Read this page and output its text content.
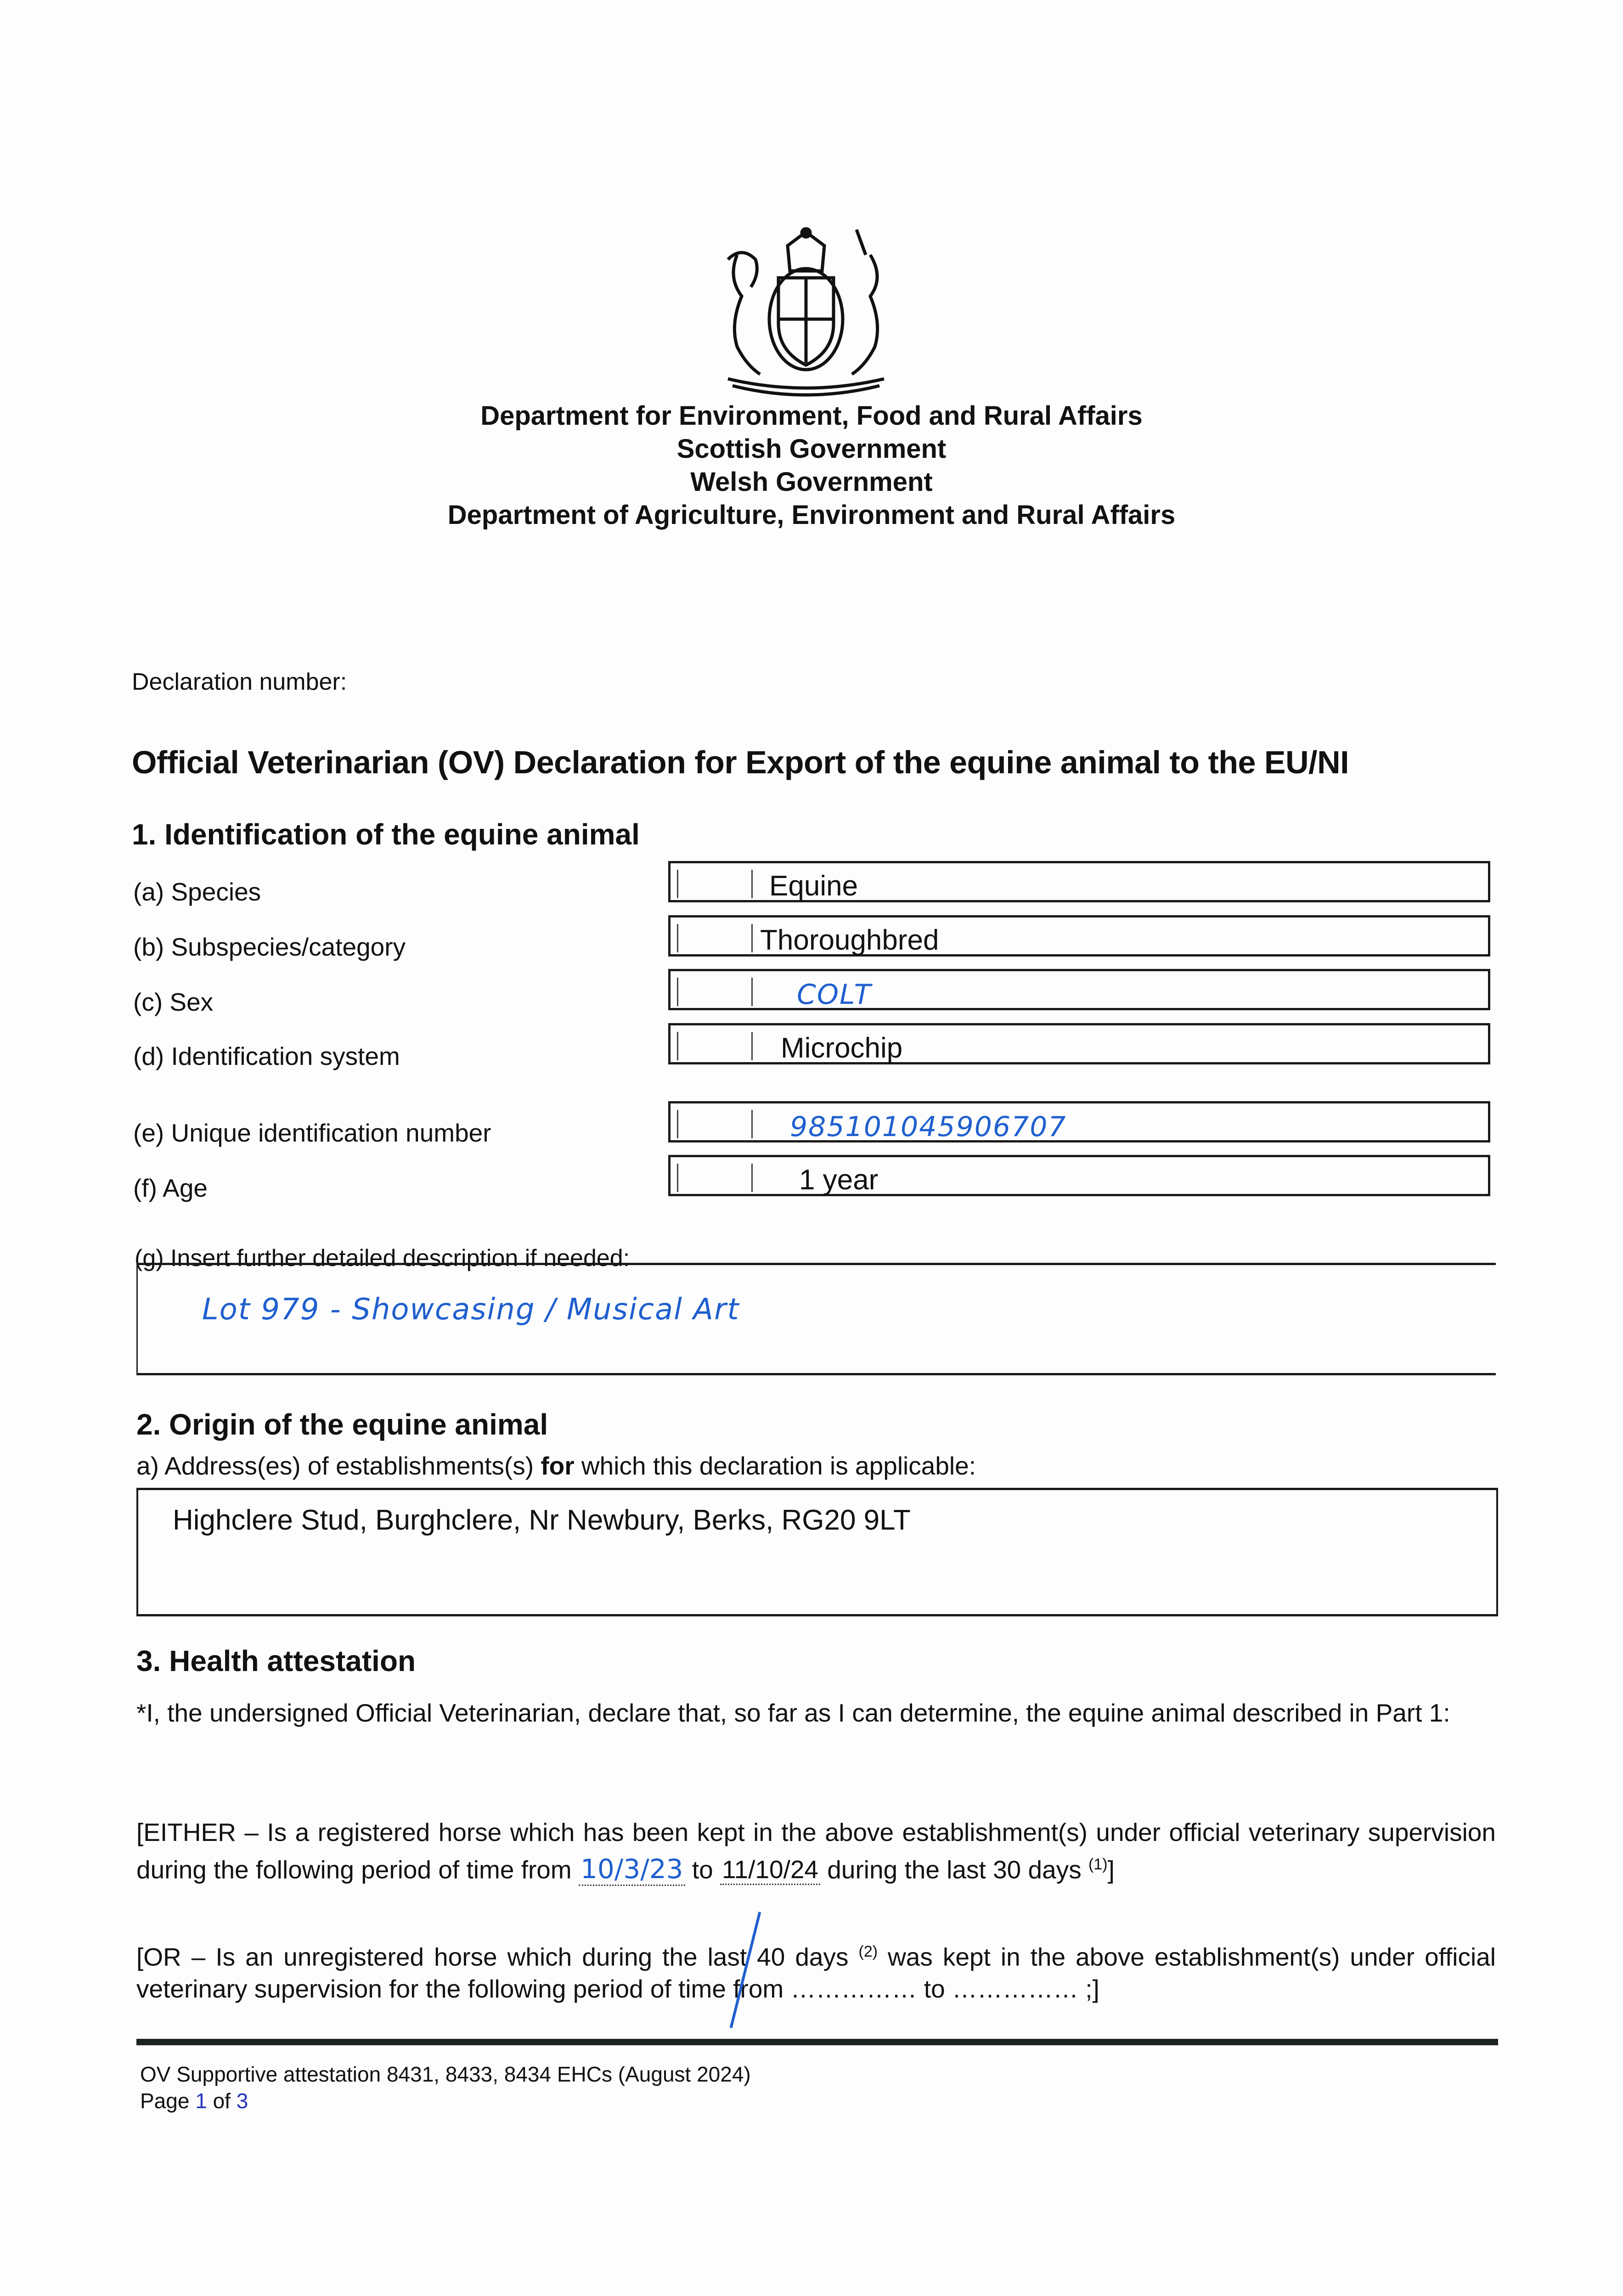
Department for Environment, Food and Rural Affairs
Scottish Government
Welsh Government
Department of Agriculture, Environment and Rural Affairs
Declaration number:
Official Veterinarian (OV) Declaration for Export of the equine animal to the EU/NI
1. Identification of the equine animal
(a) Species	Equine
(b) Subspecies/category	Thoroughbred
(c) Sex	COLT
(d) Identification system	Microchip
(e) Unique identification number	985101045906707
(f) Age	1 year
(g) Insert further detailed description if needed:
Lot 979 - Showcasing / Musical Art
2. Origin of the equine animal
a) Address(es) of establishments(s) for which this declaration is applicable:
Highclere Stud, Burghclere, Nr Newbury, Berks, RG20 9LT
3. Health attestation
*I, the undersigned Official Veterinarian, declare that, so far as I can determine, the equine animal described in Part 1:
[EITHER – Is a registered horse which has been kept in the above establishment(s) under official veterinary supervision during the following period of time from 10/3/23 to 11/10/24 during the last 30 days $^{(1)}$]
[OR – Is an unregistered horse which during the last 40 days $^{(2)}$ was kept in the above establishment(s) under official veterinary supervision for the following period of time from …………… to …………… ;]
OV Supportive attestation 8431, 8433, 8434 EHCs (August 2024)
Page 1 of 3
